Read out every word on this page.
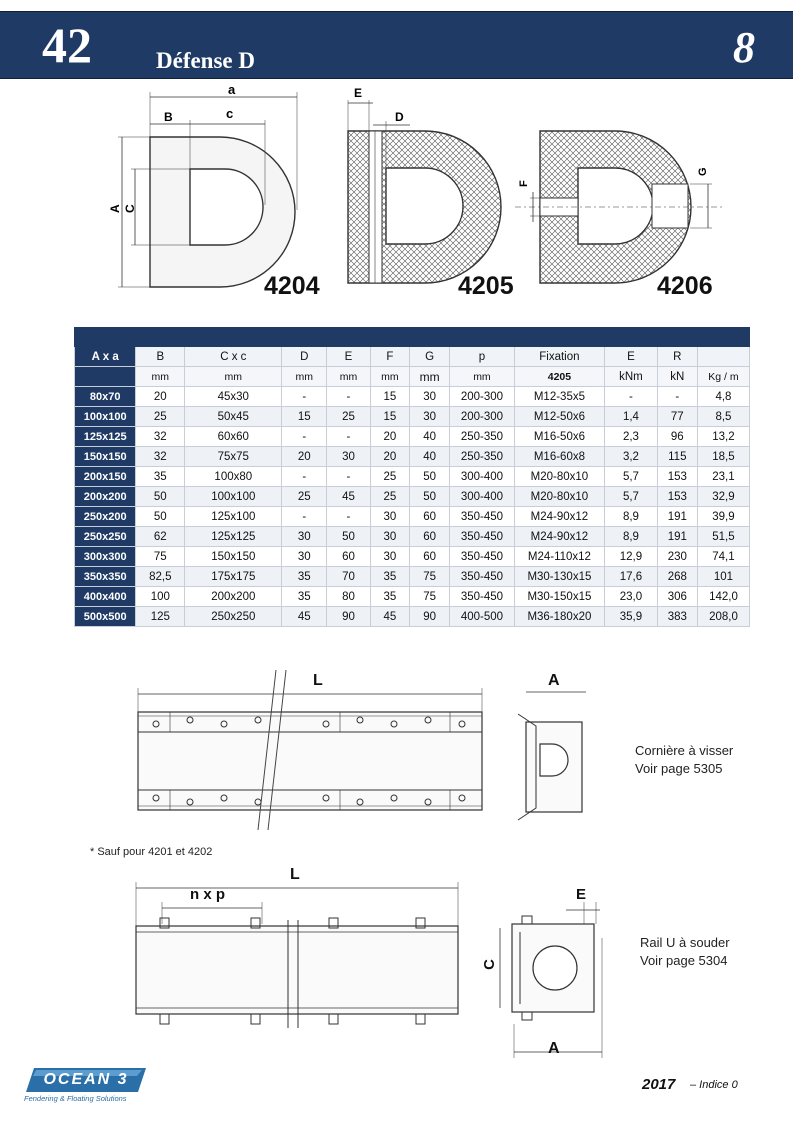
42	Défense D	8
a
B	c
A C
E
D
F
G
4204	4205	4206

A x a	B	C x c	D	E	F	G	p	Fixation	E	R	
	mm	mm	mm	mm	mm	mm	mm	4205	kNm	kN	Kg / m
80x70	20	45x30	-	-	15	30	200-300	M12-35x5	-	-	4,8
100x100	25	50x45	15	25	15	30	200-300	M12-50x6	1,4	77	8,5
125x125	32	60x60	-	-	20	40	250-350	M16-50x6	2,3	96	13,2
150x150	32	75x75	20	30	20	40	250-350	M16-60x8	3,2	115	18,5
200x150	35	100x80	-	-	25	50	300-400	M20-80x10	5,7	153	23,1
200x200	50	100x100	25	45	25	50	300-400	M20-80x10	5,7	153	32,9
250x200	50	125x100	-	-	30	60	350-450	M24-90x12	8,9	191	39,9
250x250	62	125x125	30	50	30	60	350-450	M24-90x12	8,9	191	51,5
300x300	75	150x150	30	60	30	60	350-450	M24-110x12	12,9	230	74,1
350x350	82,5	175x175	35	70	35	75	350-450	M30-130x15	17,6	268	101
400x400	100	200x200	35	80	35	75	350-450	M30-150x15	23,0	306	142,0
500x500	125	250x250	45	90	45	90	400-500	M36-180x20	35,9	383	208,0
L	A
Cornière à visser
Voir page 5305
* Sauf pour 4201 et 4202
L
n x p	E
C
A
Rail U à souder
Voir page 5304
OCEAN 3
Fendering & Floating Solutions
2017 – Indice 0
